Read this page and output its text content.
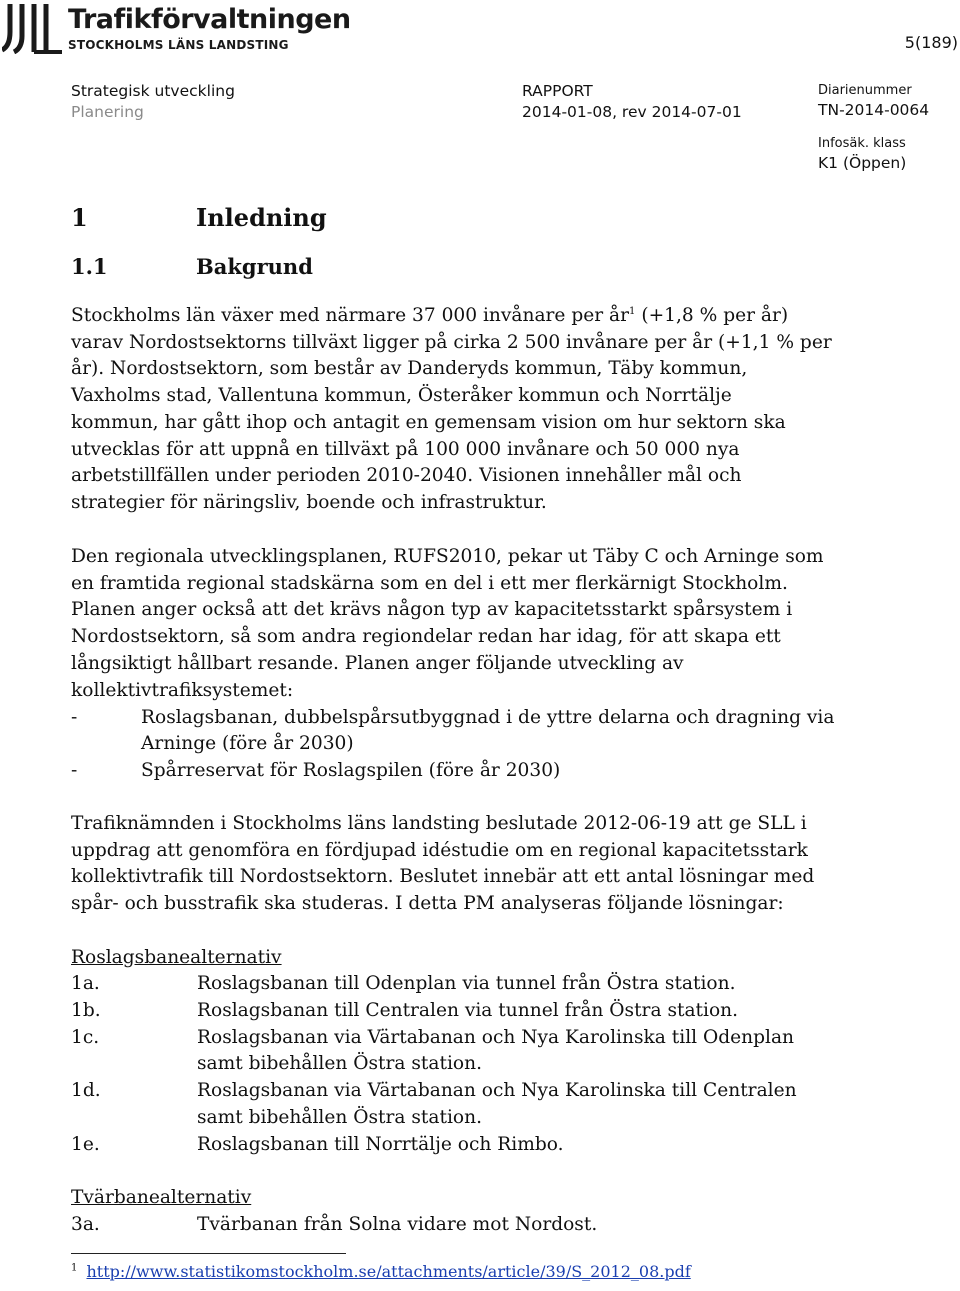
Trafikförvaltningen
STOCKHOLMS LÄNS LANDSTING	5(189)
Strategisk utveckling
Planering
RAPPORT
2014-01-08, rev 2014-07-01
Diarienummer
TN-2014-0064
Infosäk. klass
K1 (Öppen)
1	Inledning
1.1	Bakgrund
Stockholms län växer med närmare 37 000 invånare per $år^1$ (+1,8 % per år)
varav Nordostsektorns tillväxt ligger på cirka 2 500 invånare per år (+1,1 % per
år). Nordostsektorn, som består av Danderyds kommun, Täby kommun,
Vaxholms stad, Vallentuna kommun, Österåker kommun och Norrtälje
kommun, har gått ihop och antagit en gemensam vision om hur sektorn ska
utvecklas för att uppnå en tillväxt på 100 000 invånare och 50 000 nya
arbetstillfällen under perioden 2010-2040. Visionen innehåller mål och
strategier för näringsliv, boende och infrastruktur.
Den regionala utvecklingsplanen, RUFS2010, pekar ut Täby C och Arninge som
en framtida regional stadskärna som en del i ett mer flerkärnigt Stockholm.
Planen anger också att det krävs någon typ av kapacitetsstarkt spårsystem i
Nordostsektorn, så som andra regiondelar redan har idag, för att skapa ett
långsiktigt hållbart resande. Planen anger följande utveckling av
kollektivtrafiksystemet:
-	Roslagsbanan, dubbelspårsutbyggnad i de yttre delarna och dragning via
Arninge (före år 2030)
-	Spårreservat för Roslagspilen (före år 2030)
Trafiknämnden i Stockholms läns landsting beslutade 2012-06-19 att ge SLL i
uppdrag att genomföra en fördjupad idéstudie om en regional kapacitetsstark
kollektivtrafik till Nordostsektorn. Beslutet innebär att ett antal lösningar med
spår- och busstrafik ska studeras. I detta PM analyseras följande lösningar:
Roslagsbanealternativ
1a.	Roslagsbanan till Odenplan via tunnel från Östra station.
1b.	Roslagsbanan till Centralen via tunnel från Östra station.
1c.	Roslagsbanan via Värtabanan och Nya Karolinska till Odenplan
samt bibehållen Östra station.
1d.	Roslagsbanan via Värtabanan och Nya Karolinska till Centralen
samt bibehållen Östra station.
1e.	Roslagsbanan till Norrtälje och Rimbo.
Tvärbanealternativ
3a.	Tvärbanan från Solna vidare mot Nordost.
$^1$ http://www.statistikomstockholm.se/attachments/article/39/S_2012_08.pdf
